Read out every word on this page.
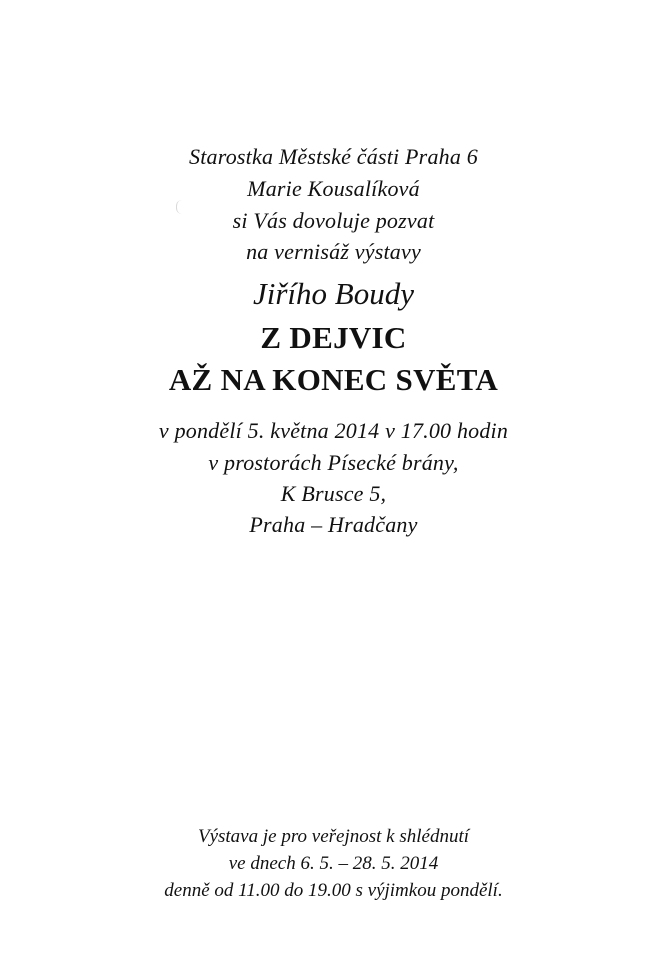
Starostka Městské části Praha 6
Marie Kousalíková
si Vás dovoluje pozvat
na vernisáž výstavy
Jiřího Boudy
Z DEJVIC
AŽ NA KONEC SVĚTA
v pondělí 5. května 2014 v 17.00 hodin
v prostorách Písecké brány,
K Brusce 5,
Praha – Hradčany
Výstava je pro veřejnost k shlédnutí
ve dnech 6. 5. – 28. 5. 2014
denně od 11.00 do 19.00 s výjimkou pondělí.
